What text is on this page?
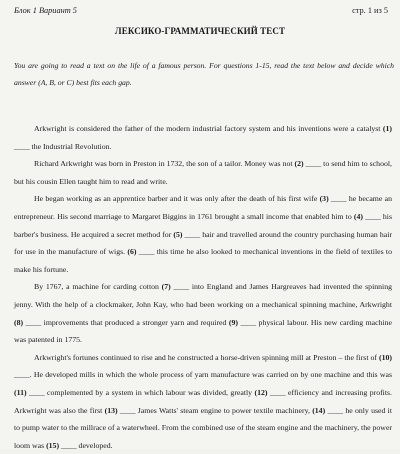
Блок 1 Вариант 5	стр. 1 из 5
ЛЕКСИКО-ГРАММАТИЧЕСКИЙ ТЕСТ
You are going to read a text on the life of a famous person. For questions 1-15, read the text below and decide which answer (A, B, or C) best fits each gap.

Arkwright is considered the father of the modern industrial factory system and his inventions were a catalyst (1) ____ the Industrial Revolution.

Richard Arkwright was born in Preston in 1732, the son of a tailor. Money was not (2) ____ to send him to school, but his cousin Ellen taught him to read and write.

He began working as an apprentice barber and it was only after the death of his first wife (3) ____ he became an entrepreneur. His second marriage to Margaret Biggins in 1761 brought a small income that enabled him to (4) ____ his barber's business. He acquired a secret method for (5) ____ hair and travelled around the country purchasing human hair for use in the manufacture of wigs. (6) ____ this time he also looked to mechanical inventions in the field of textiles to make his fortune.

By 1767, a machine for carding cotton (7) ____ into England and James Hargreaves had invented the spinning jenny. With the help of a clockmaker, John Kay, who had been working on a mechanical spinning machine, Arkwright (8) ____ improvements that produced a stronger yarn and required (9) ____ physical labour. His new carding machine was patented in 1775.

Arkwright's fortunes continued to rise and he constructed a horse-driven spinning mill at Preston – the first of (10) ____. He developed mills in which the whole process of yarn manufacture was carried on by one machine and this was (11) ____ complemented by a system in which labour was divided, greatly (12) ____ efficiency and increasing profits. Arkwright was also the first (13) ____ James Watts' steam engine to power textile machinery, (14) ____ he only used it to pump water to the millrace of a waterwheel. From the combined use of the steam engine and the machinery, the power loom was (15) ____ developed.
